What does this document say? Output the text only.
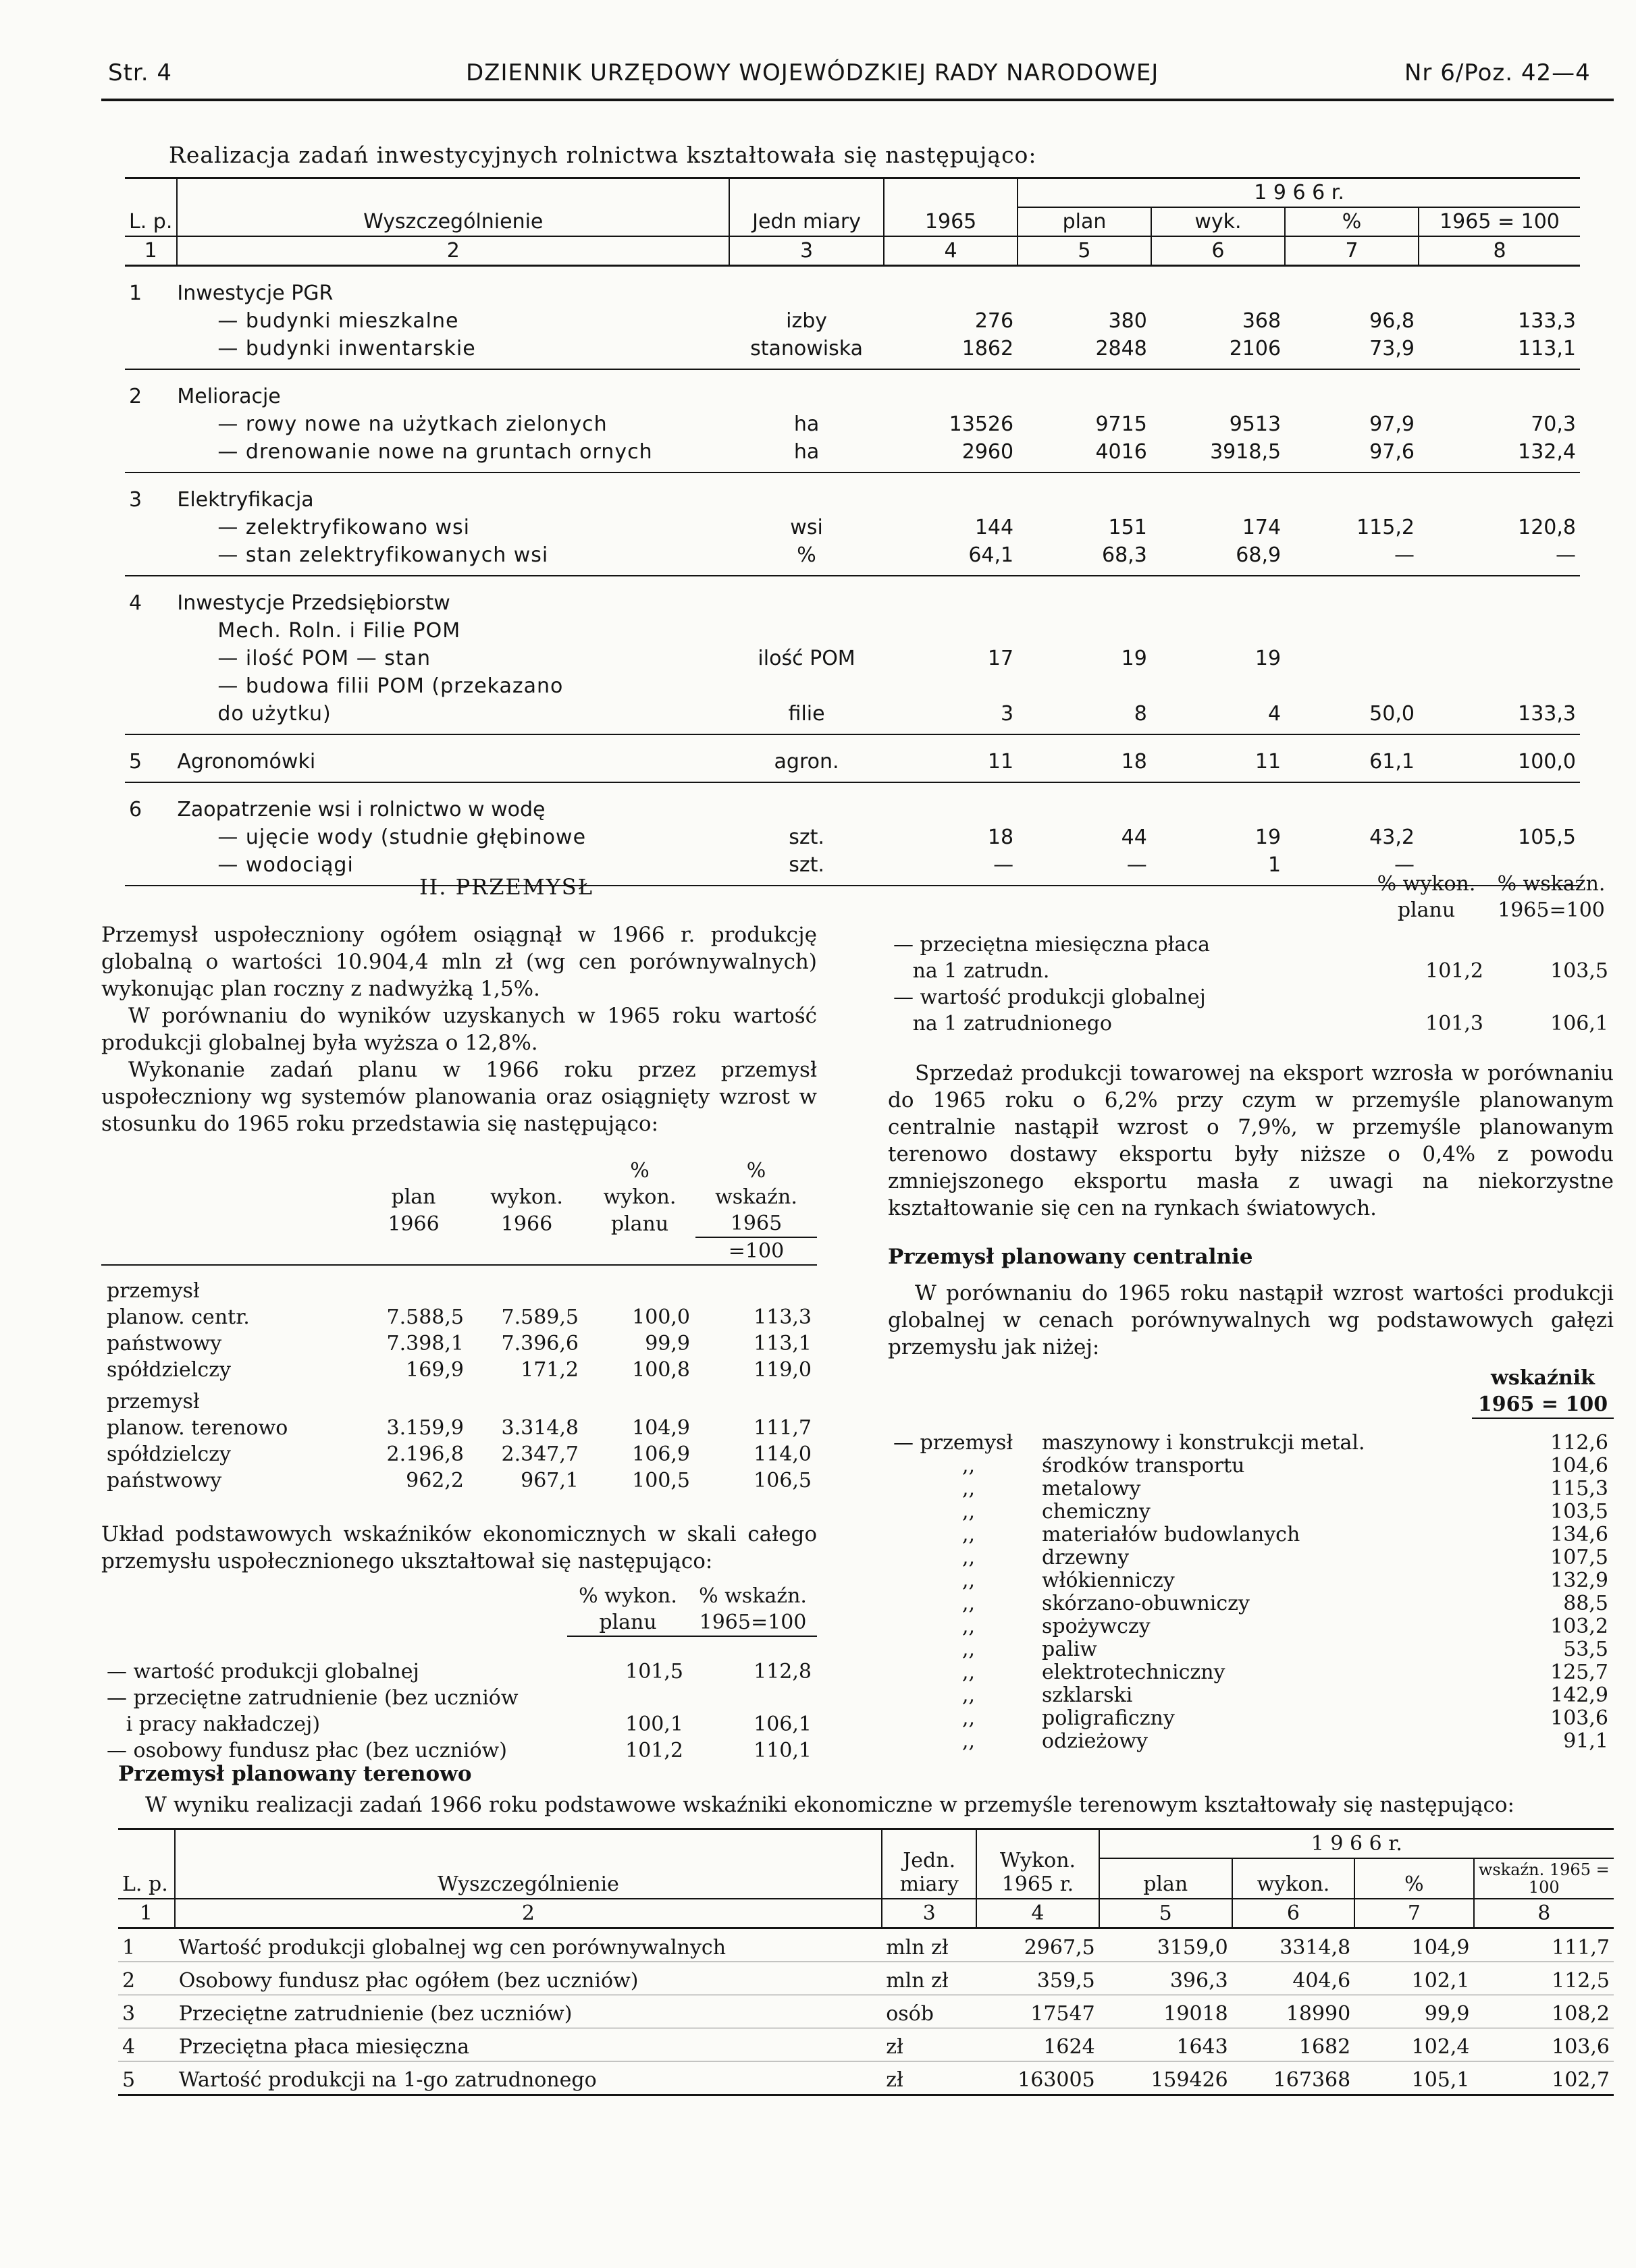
Str. 4	DZIENNIK URZĘDOWY WOJEWÓDZKIEJ RADY NARODOWEJ	Nr 6/Poz. 42—4
Realizacja zadań inwestycyjnych rolnictwa kształtowała się następująco:
L. p.	Wyszczególnienie	Jedn miary	1965	1 9 6 6 r.			
				plan	wyk.	%	1965 = 100
1	2	3	4	5	6	7	8
1	Inwestycje PGR						
	— budynki mieszkalne	izby	276	380	368	96,8	133,3
	— budynki inwentarskie	stanowiska	1862	2848	2106	73,9	113,1
2	Melioracje						
	— rowy nowe na użytkach zielonych	ha	13526	9715	9513	97,9	70,3
	— drenowanie nowe na gruntach ornych	ha	2960	4016	3918,5	97,6	132,4
3	Elektryfikacja						
	— zelektryfikowano wsi	wsi	144	151	174	115,2	120,8
	— stan zelektryfikowanych wsi	%	64,1	68,3	68,9	—	—
4	Inwestycje Przedsiębiorstw						
	Mech. Roln. i Filie POM						
	— ilość POM — stan	ilość POM	17	19	19		
	— budowa filii POM (przekazano						
	do użytku)	filie	3	8	4	50,0	133,3
5	Agronomówki	agron.	11	18	11	61,1	100,0
6	Zaopatrzenie wsi i rolnictwo w wodę						
	— ujęcie wody (studnie głębinowe	szt.	18	44	19	43,2	105,5
	— wodociągi	szt.	—	—	1	—	
II. PRZEMYSŁ

Przemysł uspołeczniony ogółem osiągnął w 1966 r. produkcję globalną o wartości 10.904,4 mln zł (wg cen porównywalnych) wykonując plan roczny z nadwyżką 1,5%.

W porównaniu do wyników uzyskanych w 1965 roku wartość produkcji globalnej była wyższa o 12,8%.

Wykonanie zadań planu w 1966 roku przez przemysł uspołeczniony wg systemów planowania oraz osiągnięty wzrost w stosunku do 1965 roku przedstawia się następująco:

			%	%
	plan	wykon.	wykon.	wskaźn.
	1966	1966	planu	1965
				=100
przemysł				
planow. centr.	7.588,5	7.589,5	100,0	113,3
państwowy	7.398,1	7.396,6	99,9	113,1
spółdzielczy	169,9	171,2	100,8	119,0
przemysł				
planow. terenowo	3.159,9	3.314,8	104,9	111,7
spółdzielczy	2.196,8	2.347,7	106,9	114,0
państwowy	962,2	967,1	100,5	106,5

Układ podstawowych wskaźników ekonomicznych w skali całego przemysłu uspołecznionego ukształtował się następująco:

	% wykon.	% wskaźn.
	planu	1965=100
— wartość produkcji globalnej	101,5	112,8
— przeciętne zatrudnienie (bez uczniów		
i pracy nakładczej)	100,1	106,1
— osobowy fundusz płac (bez uczniów)	101,2	110,1
	% wykon.	% wskaźn.
	planu	1965=100
— przeciętna miesięczna płaca		
na 1 zatrudn.	101,2	103,5
— wartość produkcji globalnej		
na 1 zatrudnionego	101,3	106,1

Sprzedaż produkcji towarowej na eksport wzrosła w porównaniu do 1965 roku o 6,2% przy czym w przemyśle planowanym centralnie nastąpił wzrost o 7,9%, w przemyśle planowanym terenowo dostawy eksportu były niższe o 0,4% z powodu zmniejszonego eksportu masła z uwagi na niekorzystne kształtowanie się cen na rynkach światowych.

Przemysł planowany centralnie

W porównaniu do 1965 roku nastąpił wzrost wartości produkcji globalnej w cenach porównywalnych wg podstawowych gałęzi przemysłu jak niżej:

		wskaźnik
		1965 = 100

— przemysł	maszynowy i konstrukcji metal.	112,6
,,	środków transportu	104,6
,,	metalowy	115,3
,,	chemiczny	103,5
,,	materiałów budowlanych	134,6
,,	drzewny	107,5
,,	włókienniczy	132,9
,,	skórzano-obuwniczy	88,5
,,	spożywczy	103,2
,,	paliw	53,5
,,	elektrotechniczny	125,7
,,	szklarski	142,9
,,	poligraficzny	103,6
,,	odzieżowy	91,1
Przemysł planowany terenowo

W wyniku realizacji zadań 1966 roku podstawowe wskaźniki ekonomiczne w przemyśle terenowym kształtowały się następująco:

L. p.	Wyszczególnienie	Jedn. miary	Wykon. 1965 r.	1 9 6 6 r.			
				plan	wykon.	%	wskaźn. 1965 = 100
1	2	3	4	5	6	7	8
1	Wartość produkcji globalnej wg cen porównywalnych	mln zł	2967,5	3159,0	3314,8	104,9	111,7
2	Osobowy fundusz płac ogółem (bez uczniów)	mln zł	359,5	396,3	404,6	102,1	112,5
3	Przeciętne zatrudnienie (bez uczniów)	osób	17547	19018	18990	99,9	108,2
4	Przeciętna płaca miesięczna	zł	1624	1643	1682	102,4	103,6
5	Wartość produkcji na 1-go zatrudnonego	zł	163005	159426	167368	105,1	102,7
